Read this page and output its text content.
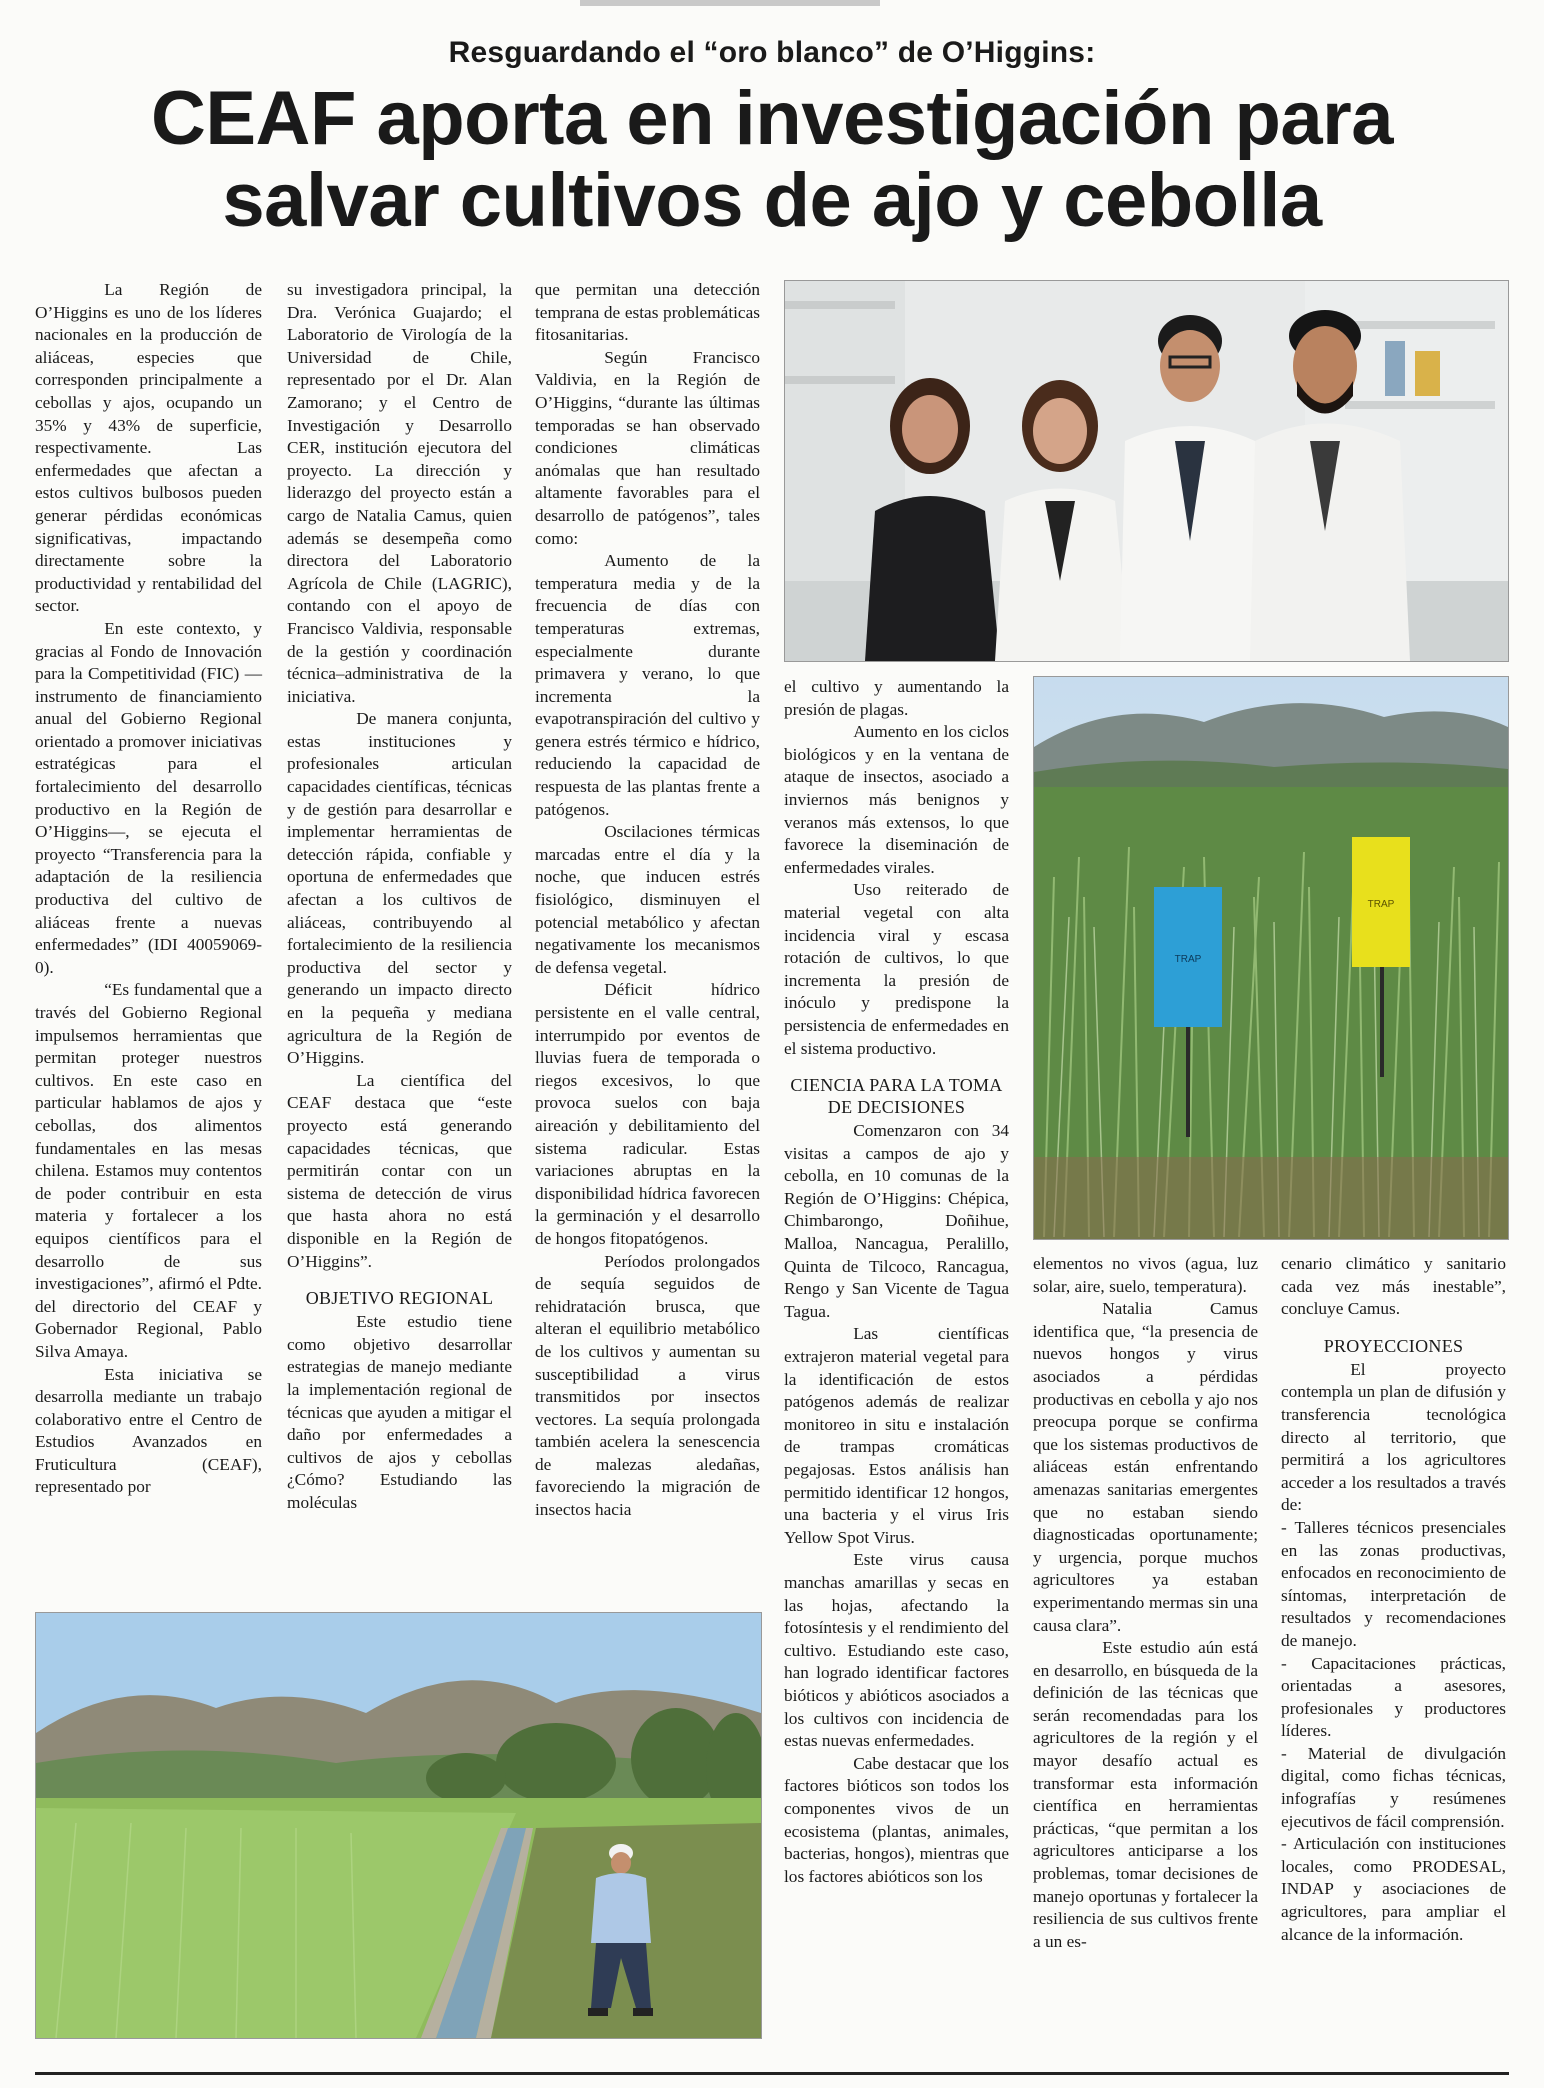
Resguardando el “oro blanco” de O’Higgins:
CEAF aporta en investigación para
salvar cultivos de ajo y cebolla

La Región de O’Higgins es uno de los líderes nacionales en la producción de aliáceas, especies que corresponden principalmente a cebollas y ajos, ocupando un 35% y 43% de superficie, respectivamente. Las enfermedades que afectan a estos cultivos bulbosos pueden generar pérdidas económicas significativas, impactando directamente sobre la productividad y rentabilidad del sector.

En este contexto, y gracias al Fondo de Innovación para la Competitividad (FIC) —instrumento de financiamiento anual del Gobierno Regional orientado a promover iniciativas estratégicas para el fortalecimiento del desarrollo productivo en la Región de O’Higgins—, se ejecuta el proyecto “Transferencia para la adaptación de la resiliencia productiva del cultivo de aliáceas frente a nuevas enfermedades” (IDI 40059069-0).

“Es fundamental que a través del Gobierno Regional impulsemos herramientas que permitan proteger nuestros cultivos. En este caso en particular hablamos de ajos y cebollas, dos alimentos fundamentales en las mesas chilena. Estamos muy contentos de poder contribuir en esta materia y fortalecer a los equipos científicos para el desarrollo de sus investigaciones”, afirmó el Pdte. del directorio del CEAF y Gobernador Regional, Pablo Silva Amaya.

Esta iniciativa se desarrolla mediante un trabajo colaborativo entre el Centro de Estudios Avanzados en Fruticultura (CEAF), representado por

su investigadora principal, la Dra. Verónica Guajardo; el Laboratorio de Virología de la Universidad de Chile, representado por el Dr. Alan Zamorano; y el Centro de Investigación y Desarrollo CER, institución ejecutora del proyecto. La dirección y liderazgo del proyecto están a cargo de Natalia Camus, quien además se desempeña como directora del Laboratorio Agrícola de Chile (LAGRIC), contando con el apoyo de Francisco Valdivia, responsable de la gestión y coordinación técnica–administrativa de la iniciativa.

De manera conjunta, estas instituciones y profesionales articulan capacidades científicas, técnicas y de gestión para desarrollar e implementar herramientas de detección rápida, confiable y oportuna de enfermedades que afectan a los cultivos de aliáceas, contribuyendo al fortalecimiento de la resiliencia productiva del sector y generando un impacto directo en la pequeña y mediana agricultura de la Región de O’Higgins.

La científica del CEAF destaca que “este proyecto está generando capacidades técnicas, que permitirán contar con un sistema de detección de virus que hasta ahora no está disponible en la Región de O’Higgins”.

OBJETIVO REGIONAL

Este estudio tiene como objetivo desarrollar estrategias de manejo mediante la implementación regional de técnicas que ayuden a mitigar el daño por enfermedades a cultivos de ajos y cebollas ¿Cómo? Estudiando las moléculas

que permitan una detección temprana de estas problemáticas fitosanitarias.

Según Francisco Valdivia, en la Región de O’Higgins, “durante las últimas temporadas se han observado condiciones climáticas anómalas que han resultado altamente favorables para el desarrollo de patógenos”, tales como:

Aumento de la temperatura media y de la frecuencia de días con temperaturas extremas, especialmente durante primavera y verano, lo que incrementa la evapotranspiración del cultivo y genera estrés térmico e hídrico, reduciendo la capacidad de respuesta de las plantas frente a patógenos.

Oscilaciones térmicas marcadas entre el día y la noche, que inducen estrés fisiológico, disminuyen el potencial metabólico y afectan negativamente los mecanismos de defensa vegetal.

Déficit hídrico persistente en el valle central, interrumpido por eventos de lluvias fuera de temporada o riegos excesivos, lo que provoca suelos con baja aireación y debilitamiento del sistema radicular. Estas variaciones abruptas en la disponibilidad hídrica favorecen la germinación y el desarrollo de hongos fitopatógenos.

Períodos prolongados de sequía seguidos de rehidratación brusca, que alteran el equilibrio metabólico de los cultivos y aumentan su susceptibilidad a virus transmitidos por insectos vectores. La sequía prolongada también acelera la senescencia de malezas aledañas, favoreciendo la migración de insectos hacia

el cultivo y aumentando la presión de plagas.

Aumento en los ciclos biológicos y en la ventana de ataque de insectos, asociado a inviernos más benignos y veranos más extensos, lo que favorece la diseminación de enfermedades virales.

Uso reiterado de material vegetal con alta incidencia viral y escasa rotación de cultivos, lo que incrementa la presión de inóculo y predispone la persistencia de enfermedades en el sistema productivo.

CIENCIA PARA LA TOMA DE DECISIONES

Comenzaron con 34 visitas a campos de ajo y cebolla, en 10 comunas de la Región de O’Higgins: Chépica, Chimbarongo, Doñihue, Malloa, Nancagua, Peralillo, Quinta de Tilcoco, Rancagua, Rengo y San Vicente de Tagua Tagua.

Las científicas extrajeron material vegetal para la identificación de estos patógenos además de realizar monitoreo in situ e instalación de trampas cromáticas pegajosas. Estos análisis han permitido identificar 12 hongos, una bacteria y el virus Iris Yellow Spot Virus.

Este virus causa manchas amarillas y secas en las hojas, afectando la fotosíntesis y el rendimiento del cultivo. Estudiando este caso, han logrado identificar factores bióticos y abióticos asociados a los cultivos con incidencia de estas nuevas enfermedades.

Cabe destacar que los factores bióticos son todos los componentes vivos de un ecosistema (plantas, animales, bacterias, hongos), mientras que los factores abióticos son los

elementos no vivos (agua, luz solar, aire, suelo, temperatura).

Natalia Camus identifica que, “la presencia de nuevos hongos y virus asociados a pérdidas productivas en cebolla y ajo nos preocupa porque se confirma que los sistemas productivos de aliáceas están enfrentando amenazas sanitarias emergentes que no estaban siendo diagnosticadas oportunamente; y urgencia, porque muchos agricultores ya estaban experimentando mermas sin una causa clara”.

Este estudio aún está en desarrollo, en búsqueda de la definición de las técnicas que serán recomendadas para los agricultores de la región y el mayor desafío actual es transformar esta información científica en herramientas prácticas, “que permitan a los agricultores anticiparse a los problemas, tomar decisiones de manejo oportunas y fortalecer la resiliencia de sus cultivos frente a un es-

cenario climático y sanitario cada vez más inestable”, concluye Camus.

PROYECCIONES

El proyecto contempla un plan de difusión y transferencia tecnológica directo al territorio, que permitirá a los agricultores acceder a los resultados a través de:

- Talleres técnicos presenciales en las zonas productivas, enfocados en reconocimiento de síntomas, interpretación de resultados y recomendaciones de manejo.

- Capacitaciones prácticas, orientadas a asesores, profesionales y productores líderes.

- Material de divulgación digital, como fichas técnicas, infografías y resúmenes ejecutivos de fácil comprensión.

- Articulación con instituciones locales, como PRODESAL, INDAP y asociaciones de agricultores, para ampliar el alcance de la información.

TRAP
TRAP
